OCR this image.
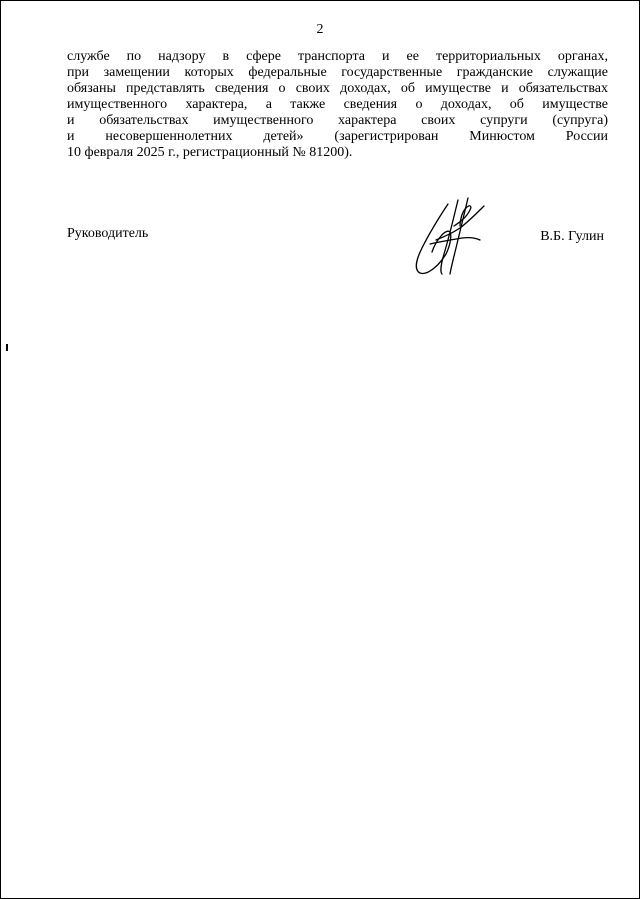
2
службе по надзору в сфере транспорта и ее территориальных органах,
при замещении которых федеральные государственные гражданские служащие
обязаны представлять сведения о своих доходах, об имуществе и обязательствах
имущественного характера, а также сведения о доходах, об имуществе
и обязательствах имущественного характера своих супруги (супруга)
и несовершеннолетних детей» (зарегистрирован Минюстом России
10 февраля 2025 г., регистрационный № 81200).
Руководитель	В.Б. Гулин
